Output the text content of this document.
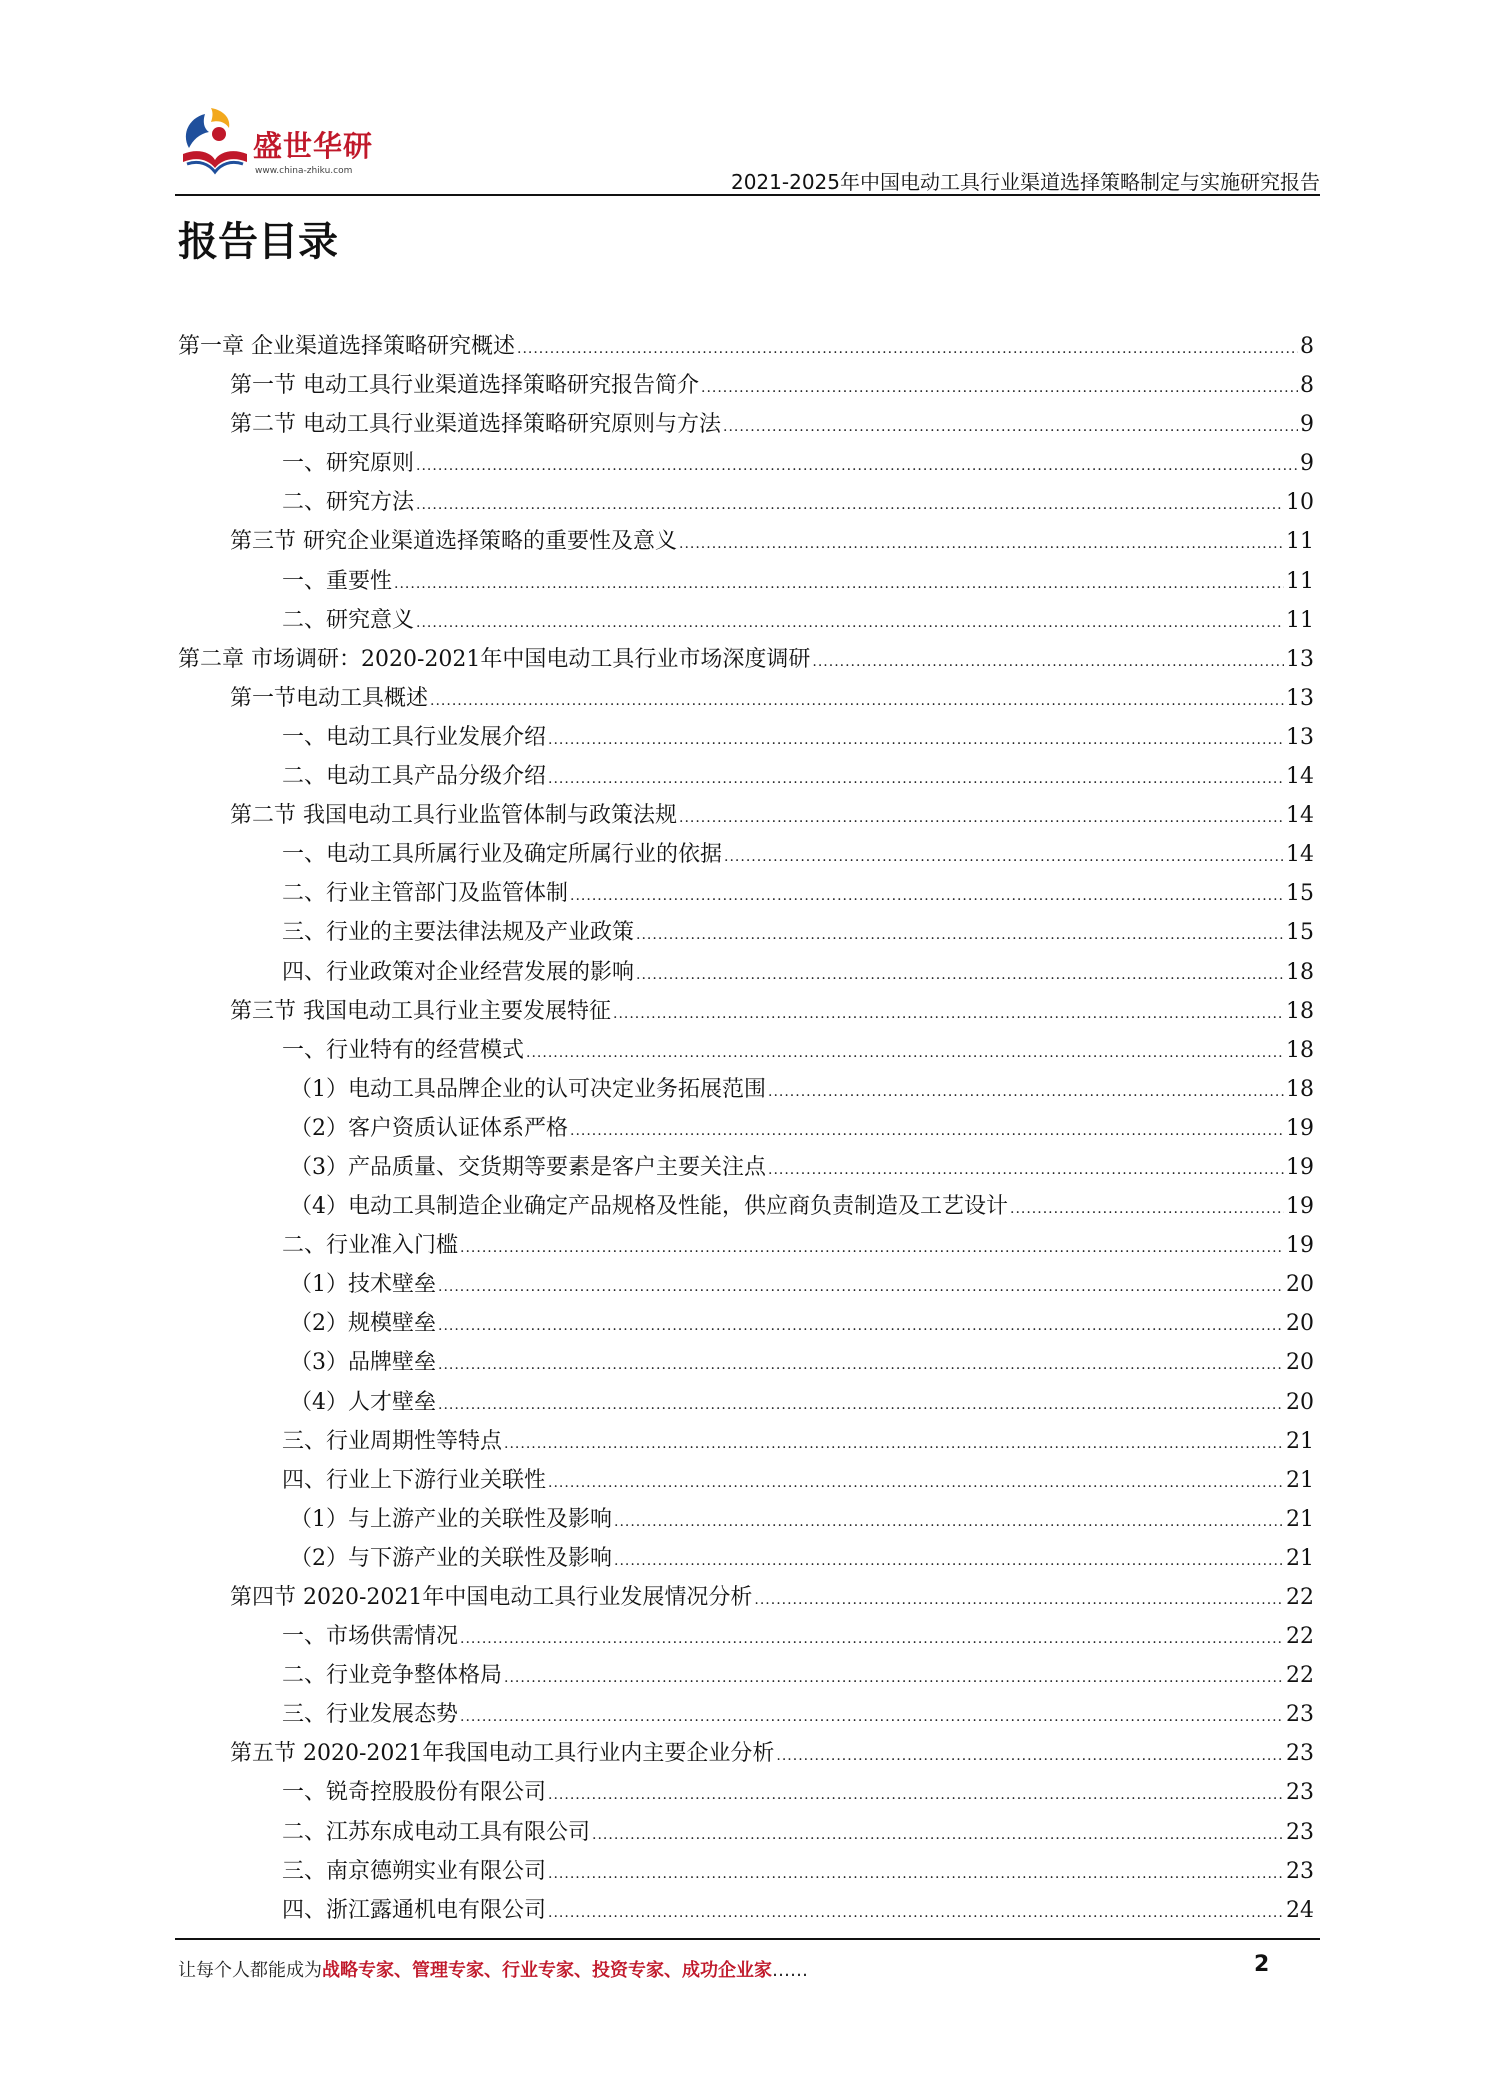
盛世华研
www.china-zhiku.com	2021-2025年中国电动工具行业渠道选择策略制定与实施研究报告
报告目录
第一章 企业渠道选择策略研究概述 .....	8
第一节 电动工具行业渠道选择策略研究报告简介 .....	8
第二节 电动工具行业渠道选择策略研究原则与方法 .....	9
一、研究原则 .....	9
二、研究方法 .....	10
第三节 研究企业渠道选择策略的重要性及意义 .....	11
一、重要性 .....	11
二、研究意义 .....	11
第二章 市场调研：2020-2021年中国电动工具行业市场深度调研 .....	13
第一节电动工具概述 .....	13
一、电动工具行业发展介绍 .....	13
二、电动工具产品分级介绍 .....	14
第二节 我国电动工具行业监管体制与政策法规 .....	14
一、电动工具所属行业及确定所属行业的依据 .....	14
二、行业主管部门及监管体制 .....	15
三、行业的主要法律法规及产业政策 .....	15
四、行业政策对企业经营发展的影响 .....	18
第三节 我国电动工具行业主要发展特征 .....	18
一、行业特有的经营模式 .....	18
（1）电动工具品牌企业的认可决定业务拓展范围 .....	18
（2）客户资质认证体系严格 .....	19
（3）产品质量、交货期等要素是客户主要关注点 .....	19
（4）电动工具制造企业确定产品规格及性能，供应商负责制造及工艺设计 .....	19
二、行业准入门槛 .....	19
（1）技术壁垒 .....	20
（2）规模壁垒 .....	20
（3）品牌壁垒 .....	20
（4）人才壁垒 .....	20
三、行业周期性等特点 .....	21
四、行业上下游行业关联性 .....	21
（1）与上游产业的关联性及影响 .....	21
（2）与下游产业的关联性及影响 .....	21
第四节 2020-2021年中国电动工具行业发展情况分析 .....	22
一、市场供需情况 .....	22
二、行业竞争整体格局 .....	22
三、行业发展态势 .....	23
第五节 2020-2021年我国电动工具行业内主要企业分析 .....	23
一、锐奇控股股份有限公司 .....	23
二、江苏东成电动工具有限公司 .....	23
三、南京德朔实业有限公司 .....	23
四、浙江露通机电有限公司 .....	24
让每个人都能成为战略专家、管理专家、行业专家、投资专家、成功企业家……	2
